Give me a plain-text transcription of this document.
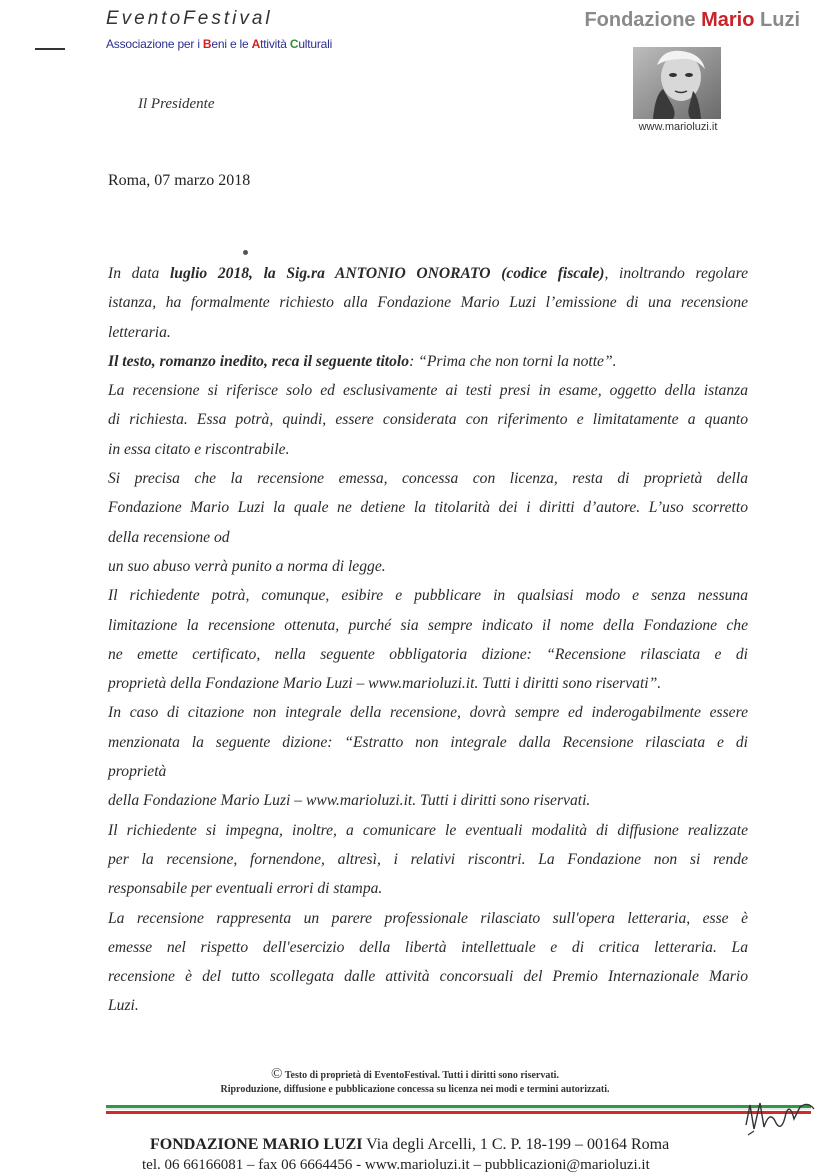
EventoFestival
Associazione per i Beni e le Attività Culturali
Il Presidente
Fondazione Mario Luzi
www.marioluzi.it
Roma, 07 marzo 2018
In data luglio 2018, la Sig.ra ANTONIO ONORATO (codice fiscale), inoltrando regolare
istanza, ha formalmente richiesto alla Fondazione Mario Luzi l’emissione di una recensione
letteraria.
Il testo, romanzo inedito, reca il seguente titolo: “Prima che non torni la notte”.
La recensione si riferisce solo ed esclusivamente ai testi presi in esame, oggetto della istanza
di richiesta. Essa potrà, quindi, essere considerata con riferimento e limitatamente a quanto
in essa citato e riscontrabile.
Si precisa che la recensione emessa, concessa con licenza, resta di proprietà della
Fondazione Mario Luzi la quale ne detiene la titolarità dei i diritti d’autore. L’uso scorretto
della recensione od
un suo abuso verrà punito a norma di legge.
Il richiedente potrà, comunque, esibire e pubblicare in qualsiasi modo e senza nessuna
limitazione la recensione ottenuta, purché sia sempre indicato il nome della Fondazione che
ne emette certificato, nella seguente obbligatoria dizione: “Recensione rilasciata e di
proprietà della Fondazione Mario Luzi – www.marioluzi.it. Tutti i diritti sono riservati”.
In caso di citazione non integrale della recensione, dovrà sempre ed inderogabilmente essere
menzionata la seguente dizione: “Estratto non integrale dalla Recensione rilasciata e di
proprietà
della Fondazione Mario Luzi – www.marioluzi.it. Tutti i diritti sono riservati.
Il richiedente si impegna, inoltre, a comunicare le eventuali modalità di diffusione realizzate
per la recensione, fornendone, altresì, i relativi riscontri. La Fondazione non si rende
responsabile per eventuali errori di stampa.
La recensione rappresenta un parere professionale rilasciato sull'opera letteraria, esse è
emesse nel rispetto dell'esercizio della libertà intellettuale e di critica letteraria. La
recensione è del tutto scollegata dalle attività concorsuali del Premio Internazionale Mario
Luzi.
© Testo di proprietà di EventoFestival. Tutti i diritti sono riservati.
Riproduzione, diffusione e pubblicazione concessa su licenza nei modi e termini autorizzati.
FONDAZIONE MARIO LUZI Via degli Arcelli, 1 C. P. 18-199 – 00164 Roma
tel. 06 66166081 – fax 06 6664456 - www.marioluzi.it – pubblicazioni@marioluzi.it
